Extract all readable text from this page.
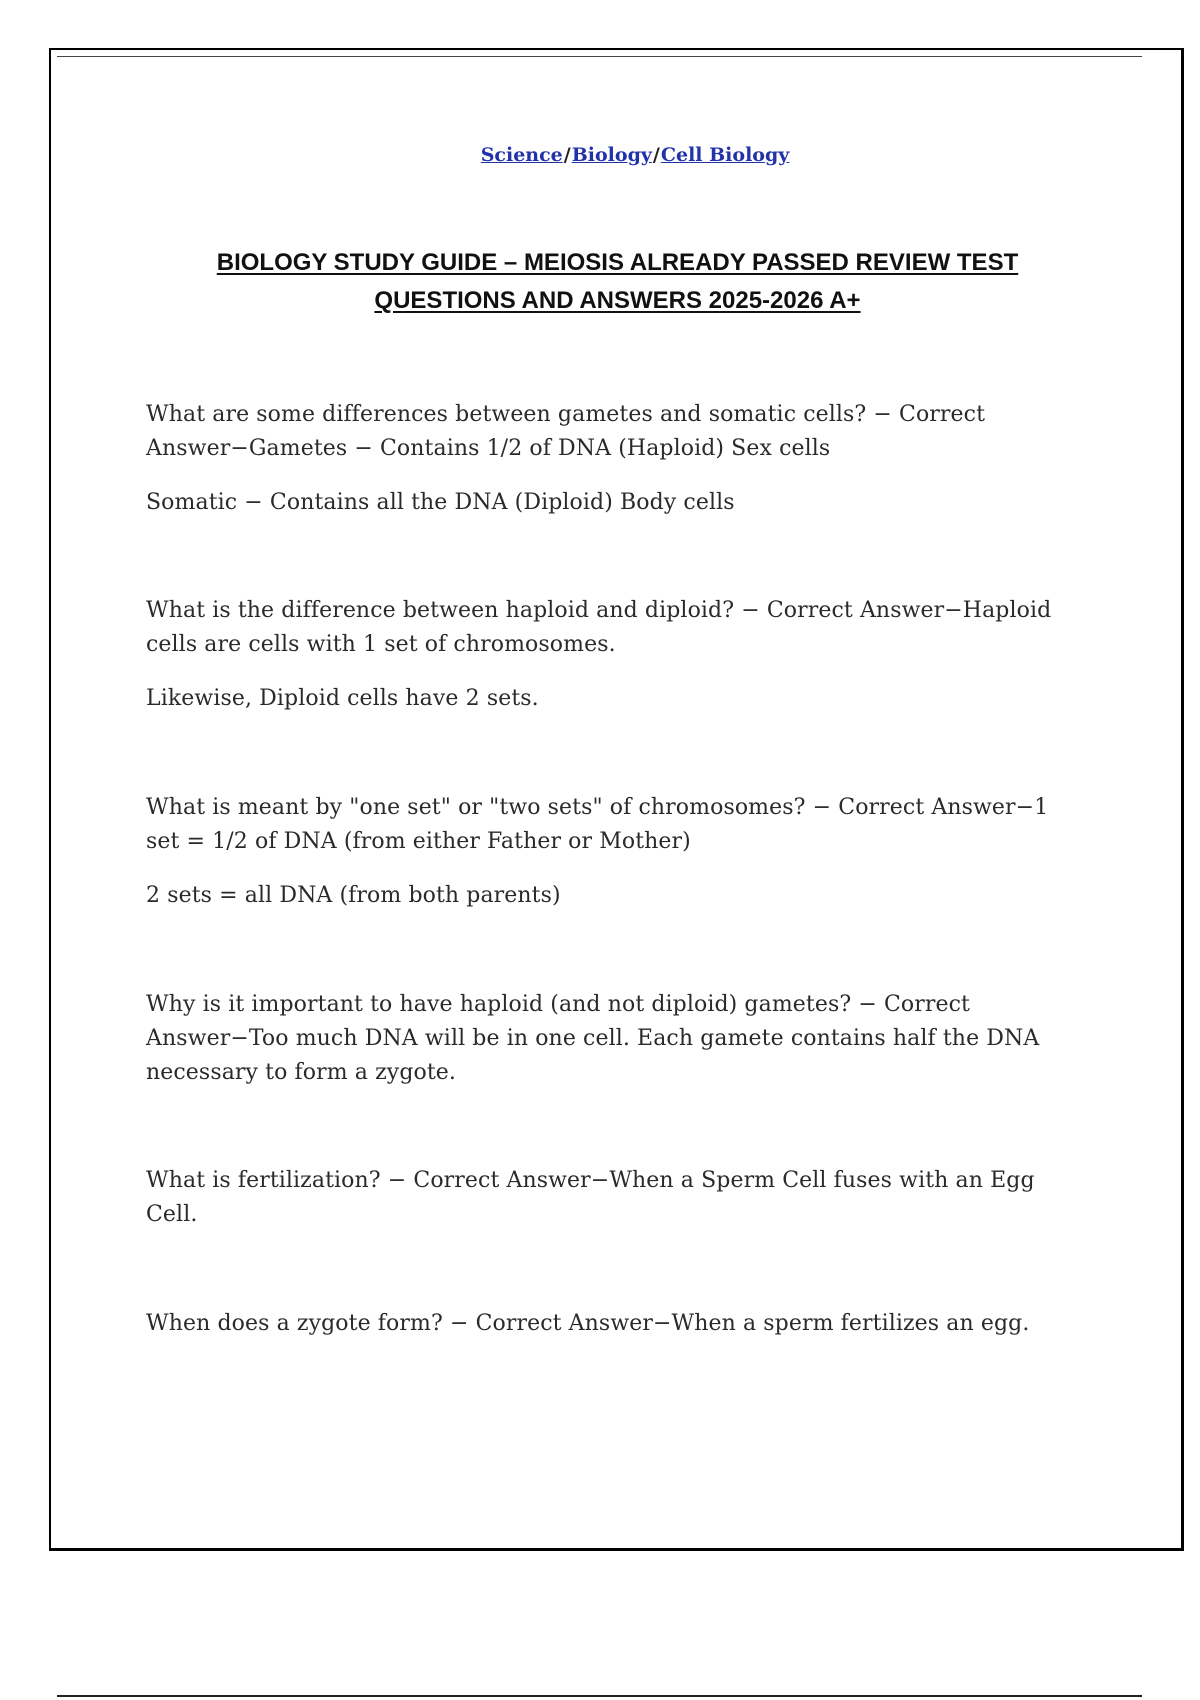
Science/Biology/Cell Biology
BIOLOGY STUDY GUIDE – MEIOSIS ALREADY PASSED REVIEW TEST
QUESTIONS AND ANSWERS 2025-2026 A+

What are some differences between gametes and somatic cells? − Correct Answer−Gametes − Contains 1/2 of DNA (Haploid) Sex cells

Somatic − Contains all the DNA (Diploid) Body cells

What is the difference between haploid and diploid? − Correct Answer−Haploid cells are cells with 1 set of chromosomes.

Likewise, Diploid cells have 2 sets.

What is meant by "one set" or "two sets" of chromosomes? − Correct Answer−1 set = 1/2 of DNA (from either Father or Mother)

2 sets = all DNA (from both parents)

Why is it important to have haploid (and not diploid) gametes? − Correct Answer−Too much DNA will be in one cell. Each gamete contains half the DNA necessary to form a zygote.

What is fertilization? − Correct Answer−When a Sperm Cell fuses with an Egg Cell.

When does a zygote form? − Correct Answer−When a sperm fertilizes an egg.
